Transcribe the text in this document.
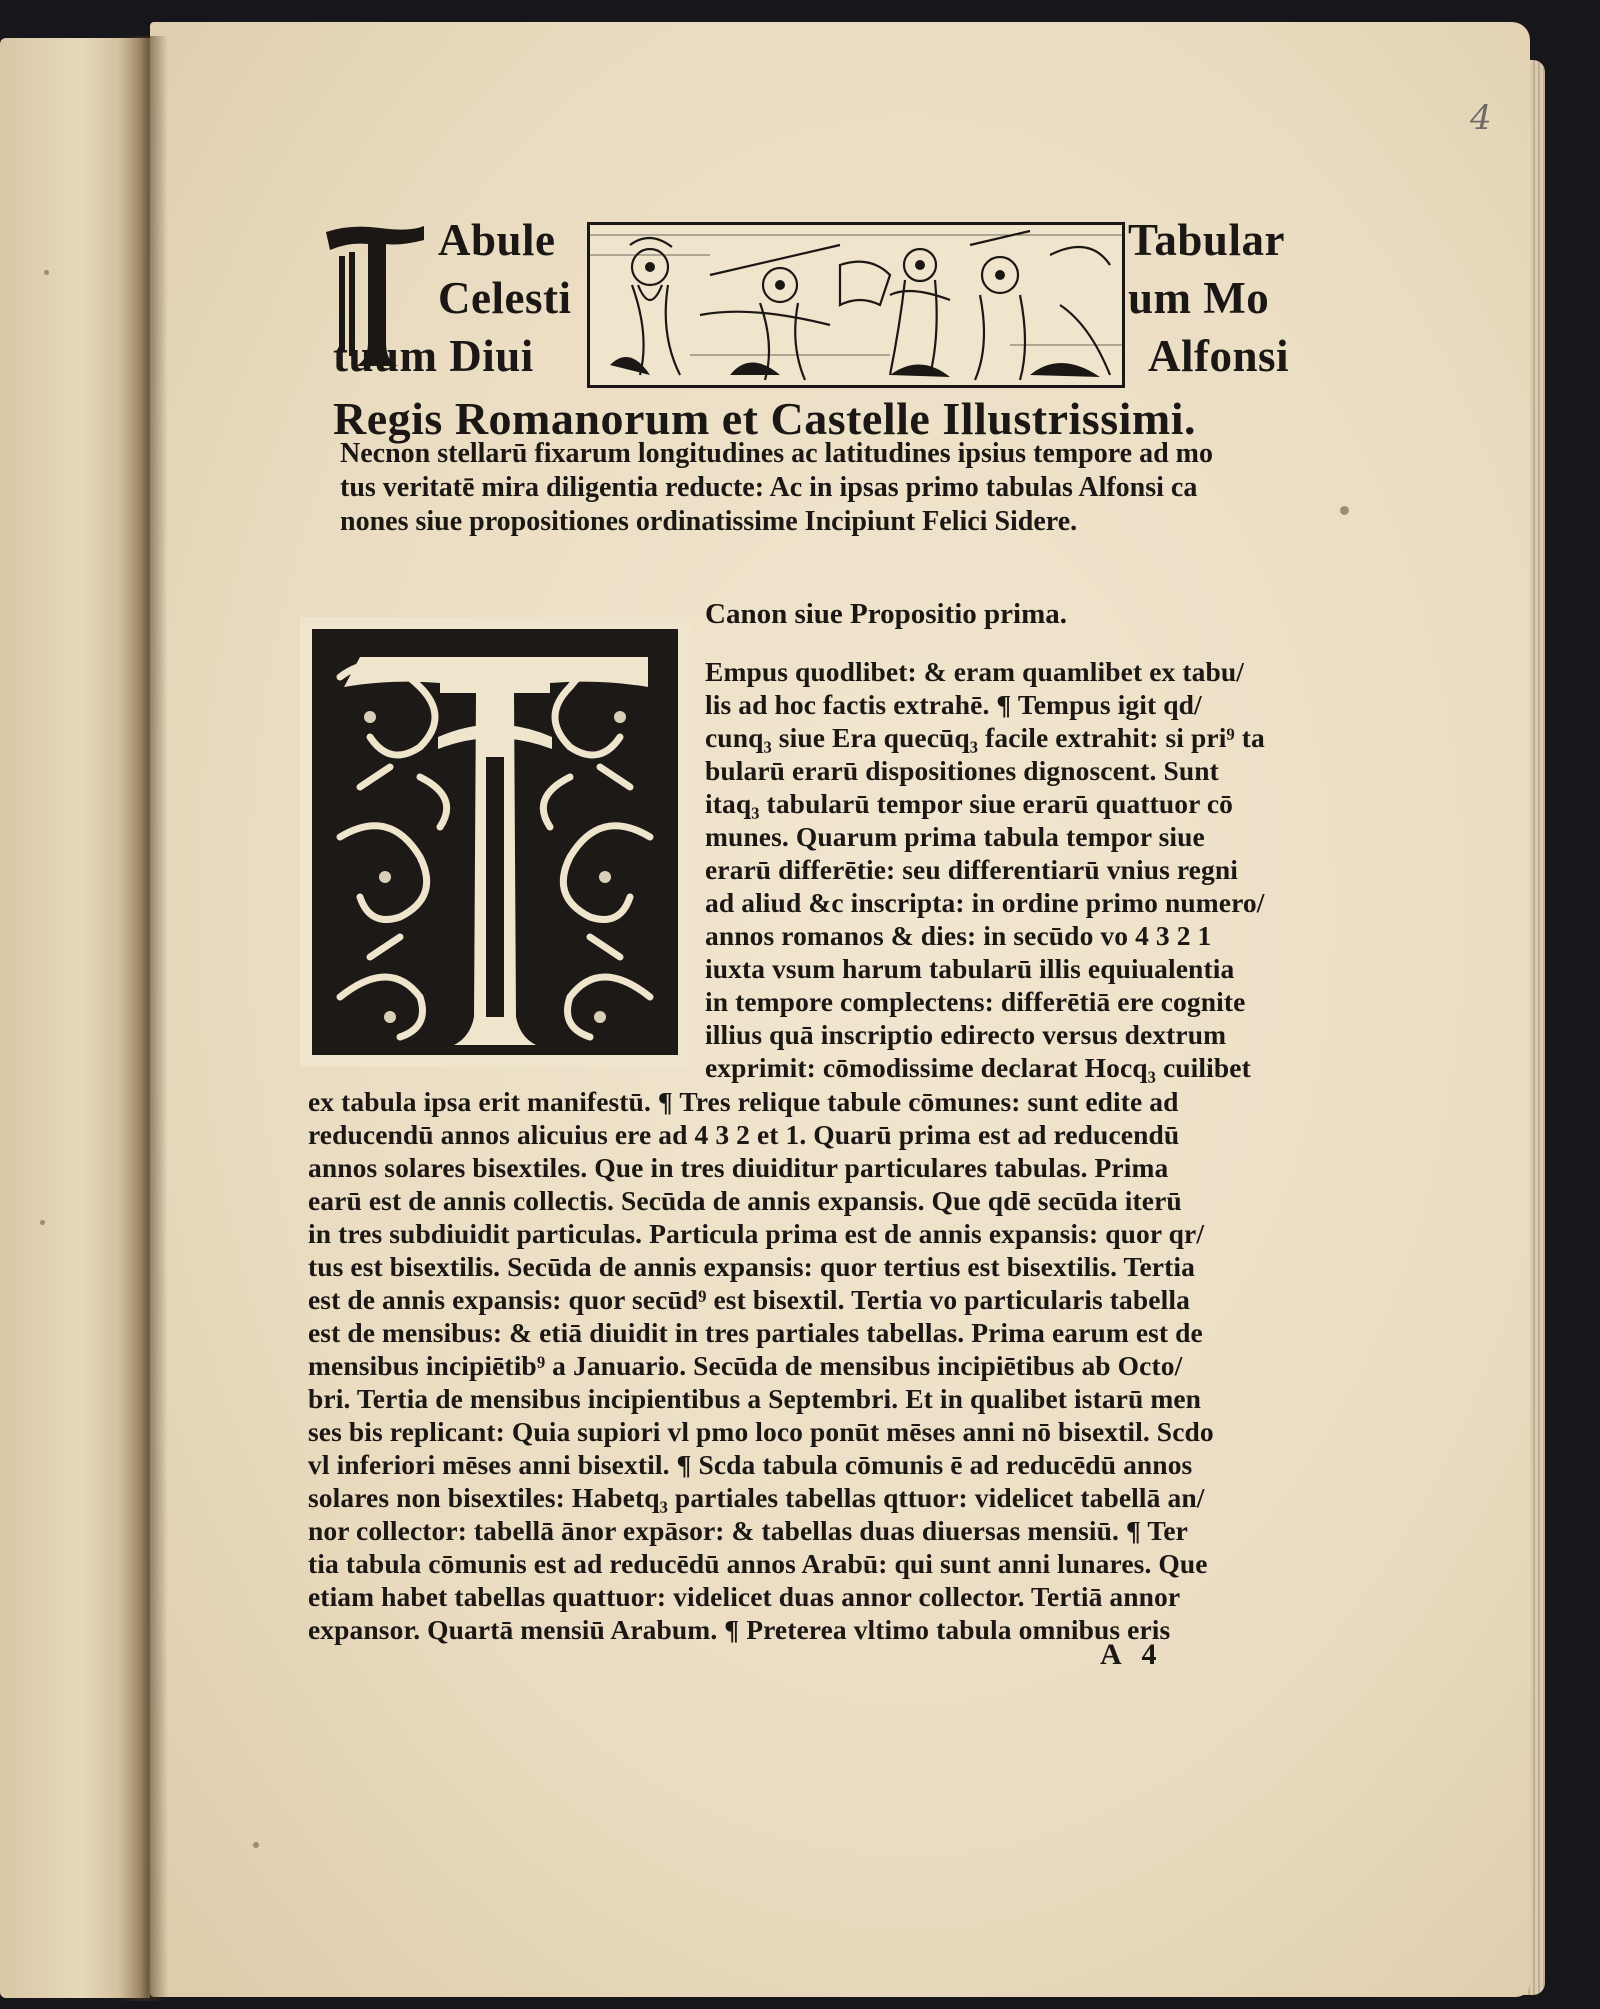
4
Abule	Tabular
Celesti	um Mo
tuum Diui	Alfonsi
Regis Romanorum et Castelle Illustrissimi.
Necnon stellarū fixarum longitudines ac latitudines ipsius tempore ad mo
tus veritatē mira diligentia reducte: Ac in ipsas primo tabulas Alfonsi ca
nones siue propositiones ordinatissime Incipiunt Felici Sidere.
Canon siue Propositio prima.
Empus quodlibet: & eram quamlibet ex tabu/
lis ad hoc factis extrahē. ¶ Tempus igit qd/
cunq₃ siue Era quecūq₃ facile extrahit: si pri⁹ ta
bularū erarū dispositiones dignoscent. Sunt
itaq₃ tabularū tempor siue erarū quattuor cō
munes. Quarum prima tabula tempor siue
erarū differētie: seu differentiarū vnius regni
ad aliud &c inscripta: in ordine primo numero/
annos romanos & dies: in secūdo vo 4 3 2 1
iuxta vsum harum tabularū illis equiualentia
in tempore complectens: differētiā ere cognite
illius quā inscriptio edirecto versus dextrum
exprimit: cōmodissime declarat Hocq₃ cuilibet
ex tabula ipsa erit manifestū. ¶ Tres relique tabule cōmunes: sunt edite ad
reducendū annos alicuius ere ad 4 3 2 et 1. Quarū prima est ad reducendū
annos solares bisextiles. Que in tres diuiditur particulares tabulas. Prima
earū est de annis collectis. Secūda de annis expansis. Que qdē secūda iterū
in tres subdiuidit particulas. Particula prima est de annis expansis: quor qr/
tus est bisextilis. Secūda de annis expansis: quor tertius est bisextilis. Tertia
est de annis expansis: quor secūd⁹ est bisextil. Tertia vo particularis tabella
est de mensibus: & etiā diuidit in tres partiales tabellas. Prima earum est de
mensibus incipiētib⁹ a Januario. Secūda de mensibus incipiētibus ab Octo/
bri. Tertia de mensibus incipientibus a Septembri. Et in qualibet istarū men
ses bis replicant: Quia supiori vl pmo loco ponūt mēses anni nō bisextil. Scdo
vl inferiori mēses anni bisextil. ¶ Scda tabula cōmunis ē ad reducēdū annos
solares non bisextiles: Habetq₃ partiales tabellas qttuor: videlicet tabellā an/
nor collector: tabellā ānor expāsor: & tabellas duas diuersas mensiū. ¶ Ter
tia tabula cōmunis est ad reducēdū annos Arabū: qui sunt anni lunares. Que
etiam habet tabellas quattuor: videlicet duas annor collector. Tertiā annor
expansor. Quartā mensiū Arabum. ¶ Preterea vltimo tabula omnibus eris
A 4
